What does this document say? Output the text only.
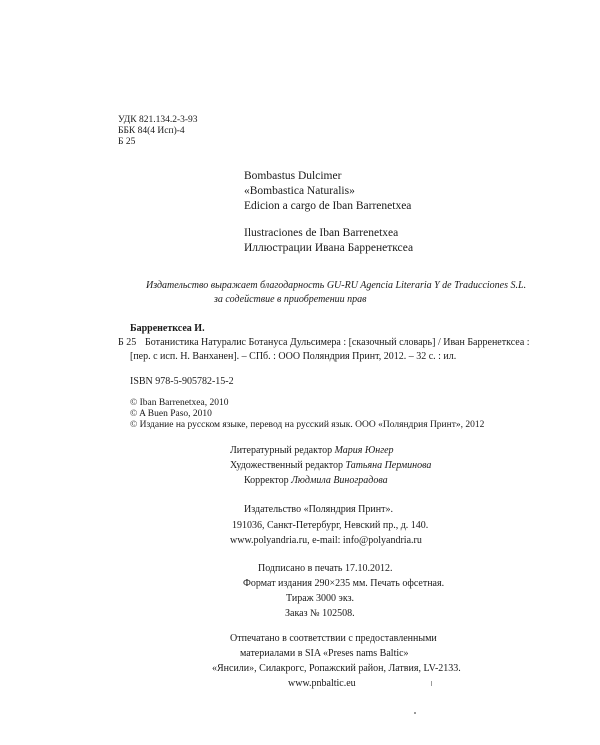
УДК 821.134.2-3-93
ББК 84(4 Исп)-4
Б 25
Bombastus Dulcimer
«Bombastica Naturalis»
Edicion a cargo de Iban Barrenetxea
Ilustraciones de Iban Barrenetxea
Иллюстрации Ивана Барренетксеа
Издательство выражает благодарность GU-RU Agencia Literaria Y de Traducciones S.L.
за содействие в приобретении прав
Барренетксеа И.
Б 25 Ботанистика Натуралис Ботануса Дульсимера : [сказочный словарь] / Иван Барренетксеа :
[пер. с исп. Н. Ванханен]. – СПб. : ООО Поляндрия Принт, 2012. – 32 с. : ил.
ISBN 978-5-905782-15-2
© Iban Barrenetxea, 2010
© A Buen Paso, 2010
© Издание на русском языке, перевод на русский язык. ООО «Поляндрия Принт», 2012
Литературный редактор Мария Юнгер
Художественный редактор Татьяна Перминова
Корректор Людмила Виноградова
Издательство «Поляндрия Принт».
191036, Санкт-Петербург, Невский пр., д. 140.
www.polyandria.ru, e-mail: info@polyandria.ru
Подписано в печать 17.10.2012.
Формат издания 290×235 мм. Печать офсетная.
Тираж 3000 экз.
Заказ № 102508.
Отпечатано в соответствии с предоставленными
материалами в SIA «Preses nams Baltic»
«Янсили», Силакрогс, Ропажский район, Латвия, LV-2133.
www.pnbaltic.eu
